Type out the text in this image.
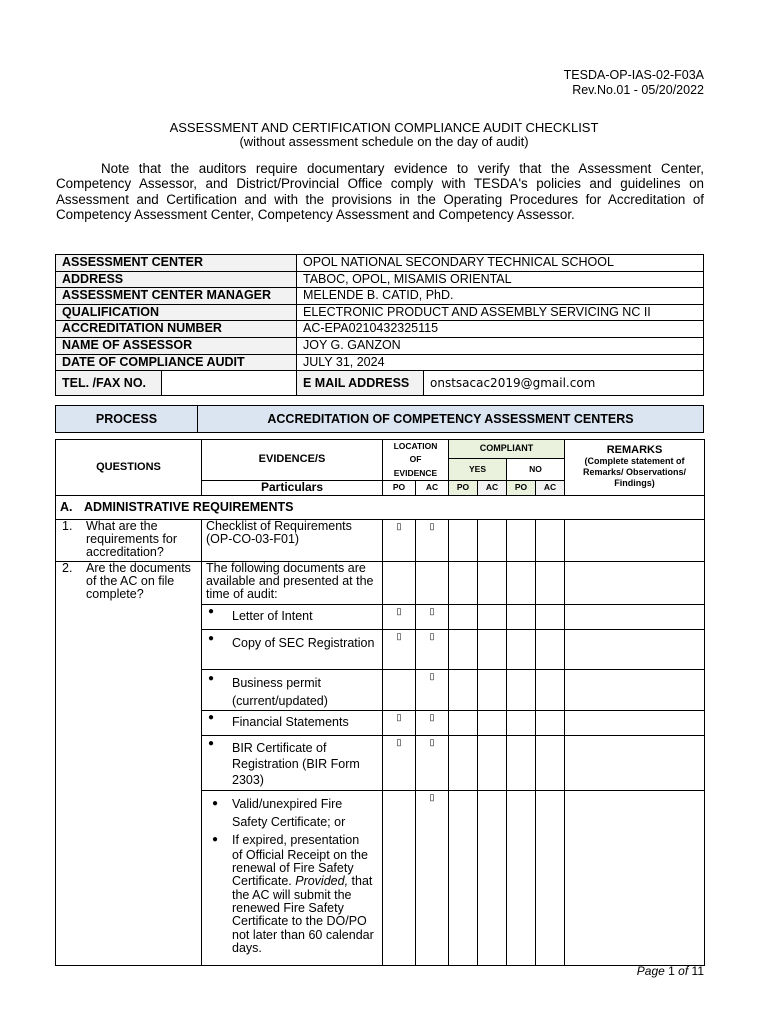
TESDA-OP-IAS-02-F03A
Rev.No.01 - 05/20/2022
ASSESSMENT AND CERTIFICATION COMPLIANCE AUDIT CHECKLIST
(without assessment schedule on the day of audit)
Note that the auditors require documentary evidence to verify that the Assessment Center, Competency Assessor, and District/Provincial Office comply with TESDA's policies and guidelines on Assessment and Certification and with the provisions in the Operating Procedures for Accreditation of Competency Assessment Center, Competency Assessment and Competency Assessor.
ASSESSMENT CENTER		OPOL NATIONAL SECONDARY TECHNICAL SCHOOL	
ADDRESS		TABOC, OPOL, MISAMIS ORIENTAL	
ASSESSMENT CENTER MANAGER		MELENDE B. CATID, PhD.	
QUALIFICATION		ELECTRONIC PRODUCT AND ASSEMBLY SERVICING NC II	
ACCREDITATION NUMBER		AC-EPA0210432325115	
NAME OF ASSESSOR		JOY G. GANZON	
DATE OF COMPLIANCE AUDIT		JULY 31, 2024	
TEL. /FAX NO.		E MAIL ADDRESS	onstsacac2019@gmail.com
PROCESS	ACCREDITATION OF COMPETENCY ASSESSMENT CENTERS
QUESTIONS	EVIDENCE/S	LOCATION OF EVIDENCE		COMPLIANT				REMARKS
(Complete statement of Remarks/ Observations/ Findings)

				YES		NO		
	Particulars	PO	AC	PO	AC	PO	AC	
A. ADMINISTRATIVE REQUIREMENTS								

1. What are the requirements for accreditation?	Checklist of Requirements (OP-CO-03-F01)	▯	▯					

2. Are the documents of the AC on file complete?	The following documents are available and presented at the time of audit:							
	● Letter of Intent	▯	▯					
	● Copy of SEC Registration	▯	▯					
	● Business permit (current/updated)		▯					
	● Financial Statements	▯	▯					
	● BIR Certificate of Registration (BIR Form 2303)	▯	▯					

	● Valid/unexpired Fire Safety Certificate; or
● If expired, presentation
of Official Receipt on the renewal of Fire Safety Certificate. Provided, that the AC will submit the renewed Fire Safety Certificate to the DO/PO not later than 60 calendar days.		▯					
Page 1 of 11
